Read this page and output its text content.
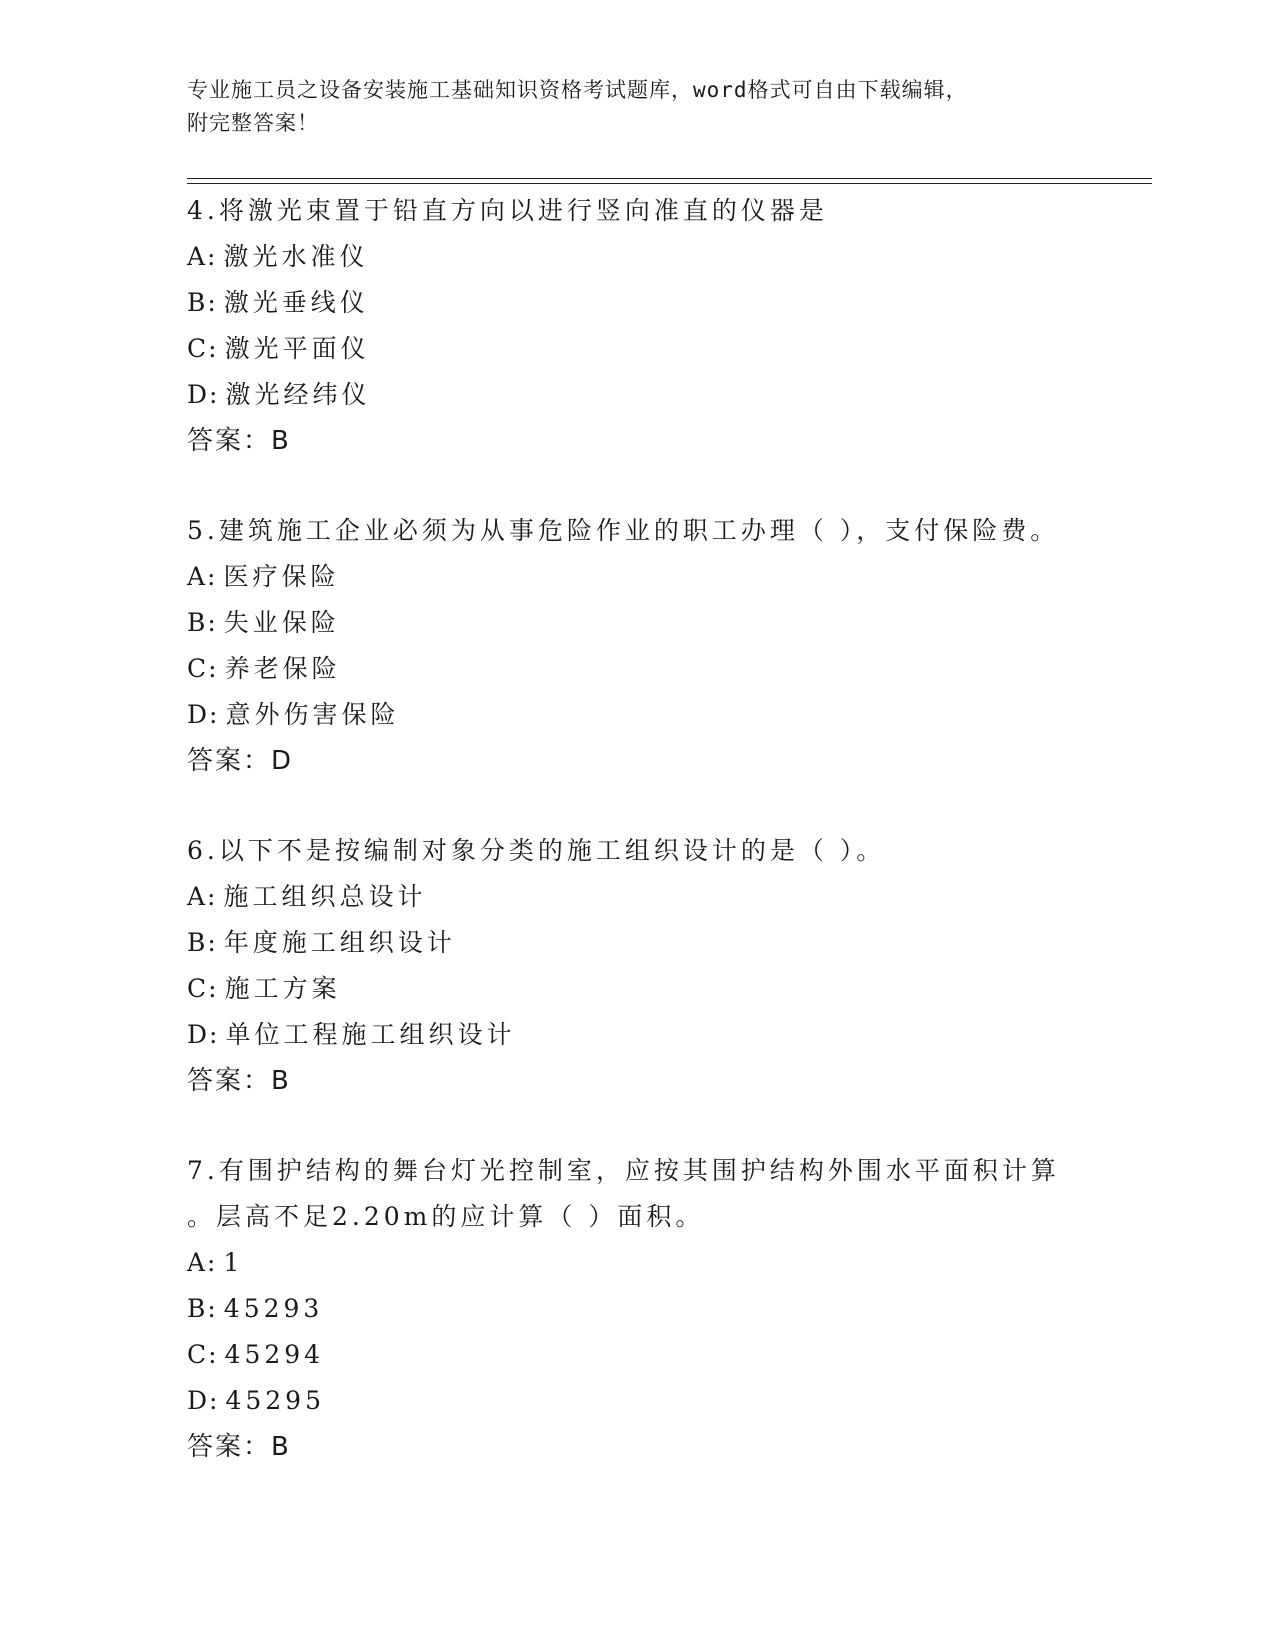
专业施工员之设备安装施工基础知识资格考试题库，word格式可自由下载编辑，
附完整答案！
4.将激光束置于铅直方向以进行竖向准直的仪器是
A: 激光水准仪
B: 激光垂线仪
C: 激光平面仪
D: 激光经纬仪
答案：B
5.建筑施工企业必须为从事危险作业的职工办理（ ），支付保险费。
A: 医疗保险
B: 失业保险
C: 养老保险
D: 意外伤害保险
答案：D
6.以下不是按编制对象分类的施工组织设计的是（ ）。
A: 施工组织总设计
B: 年度施工组织设计
C: 施工方案
D: 单位工程施工组织设计
答案：B
7.有围护结构的舞台灯光控制室，应按其围护结构外围水平面积计算
。层高不足2.20m的应计算（ ）面积。
A: 1
B: 45293
C: 45294
D: 45295
答案：B
